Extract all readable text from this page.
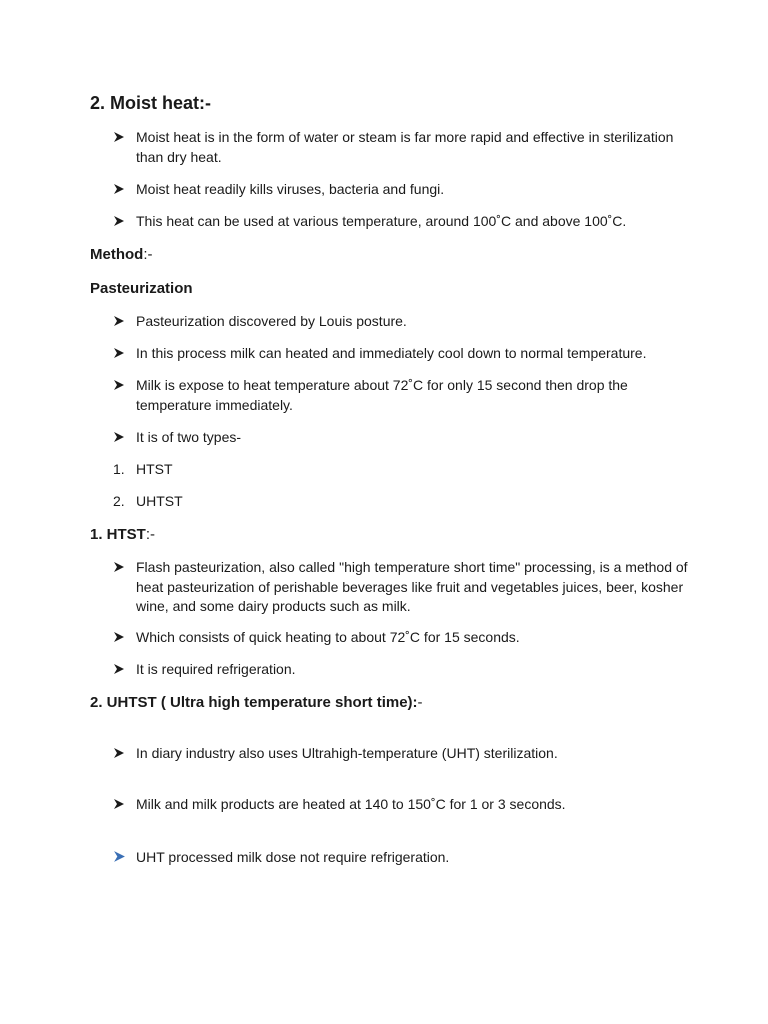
2. Moist heat:-
Moist heat is in the form of water or steam is far more rapid and effective in sterilization than dry heat.
Moist heat readily kills viruses, bacteria and fungi.
This heat can be used at various temperature, around 100˚C and above 100˚C.
Method:-
Pasteurization
Pasteurization discovered by Louis posture.
In this process milk can heated and immediately cool down to normal temperature.
Milk is expose to heat temperature about 72˚C for only 15 second then drop the temperature immediately.
It is of two types-
1. HTST
2. UHTST
1. HTST:-
Flash pasteurization, also called "high temperature short time" processing, is a method of heat pasteurization of perishable beverages like fruit and vegetables juices, beer, kosher wine, and some dairy products such as milk.
Which consists of quick heating to about 72˚C for 15 seconds.
It is required refrigeration.
2. UHTST ( Ultra high temperature short time):-
In diary industry also uses Ultrahigh-temperature (UHT) sterilization.
Milk and milk products are heated at 140 to 150˚C for 1 or 3 seconds.
UHT processed milk dose not require refrigeration.
